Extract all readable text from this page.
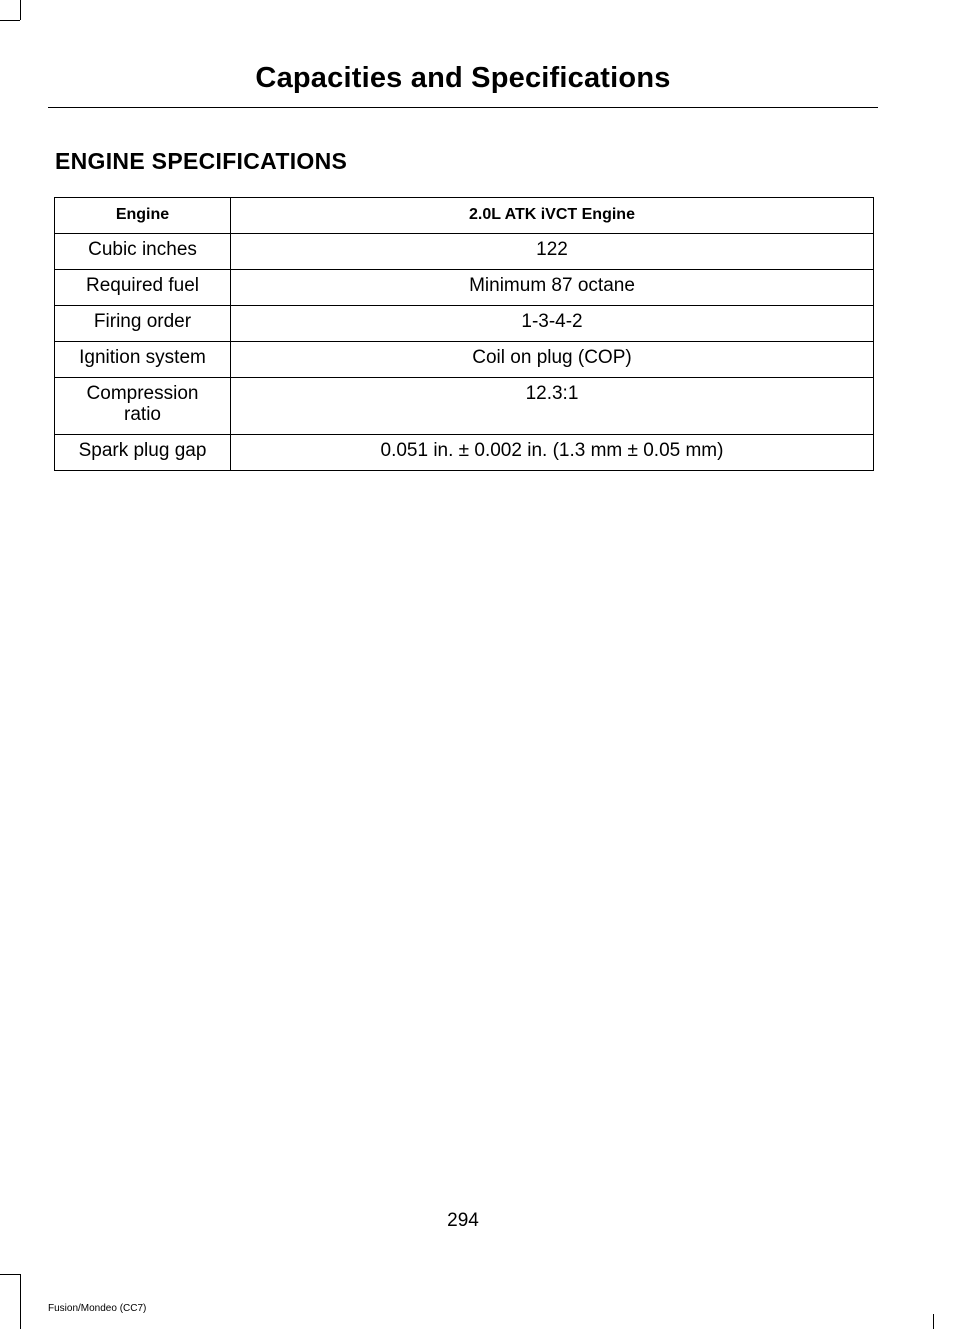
Capacities and Specifications
ENGINE SPECIFICATIONS
Engine	2.0L ATK iVCT Engine
Cubic inches	122
Required fuel	Minimum 87 octane
Firing order	1-3-4-2
Ignition system	Coil on plug (COP)
Compression ratio	12.3:1
Spark plug gap	0.051 in. ± 0.002 in. (1.3 mm ± 0.05 mm)
294
Fusion/Mondeo (CC7)
